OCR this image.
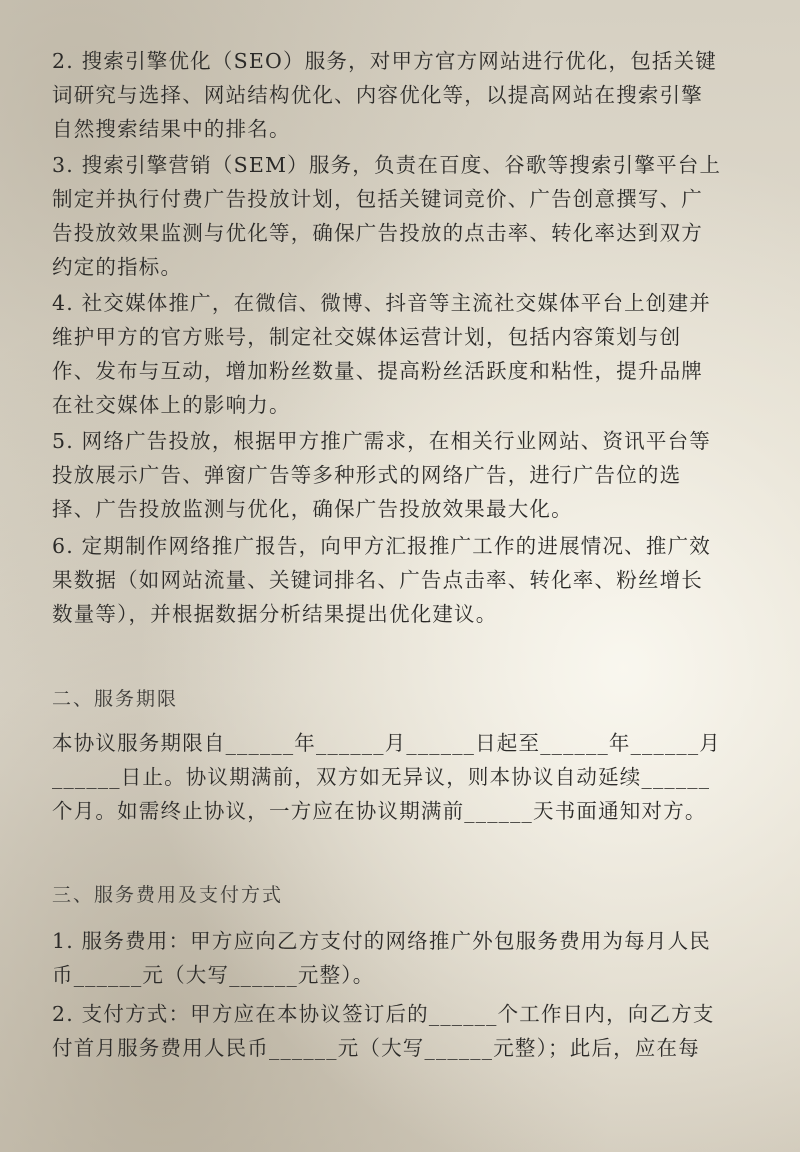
2. 搜索引擎优化（SEO）服务，对甲方官方网站进行优化，包括关键
词研究与选择、网站结构优化、内容优化等，以提高网站在搜索引擎
自然搜索结果中的排名。
3. 搜索引擎营销（SEM）服务，负责在百度、谷歌等搜索引擎平台上
制定并执行付费广告投放计划，包括关键词竞价、广告创意撰写、广
告投放效果监测与优化等，确保广告投放的点击率、转化率达到双方
约定的指标。
4. 社交媒体推广，在微信、微博、抖音等主流社交媒体平台上创建并
维护甲方的官方账号，制定社交媒体运营计划，包括内容策划与创
作、发布与互动，增加粉丝数量、提高粉丝活跃度和粘性，提升品牌
在社交媒体上的影响力。
5. 网络广告投放，根据甲方推广需求，在相关行业网站、资讯平台等
投放展示广告、弹窗广告等多种形式的网络广告，进行广告位的选
择、广告投放监测与优化，确保广告投放效果最大化。
6. 定期制作网络推广报告，向甲方汇报推广工作的进展情况、推广效
果数据（如网站流量、关键词排名、广告点击率、转化率、粉丝增长
数量等），并根据数据分析结果提出优化建议。
二、服务期限
本协议服务期限自______年______月______日起至______年______月
______日止。协议期满前，双方如无异议，则本协议自动延续______
个月。如需终止协议，一方应在协议期满前______天书面通知对方。
三、服务费用及支付方式
1. 服务费用：甲方应向乙方支付的网络推广外包服务费用为每月人民
币______元（大写______元整）。
2. 支付方式：甲方应在本协议签订后的______个工作日内，向乙方支
付首月服务费用人民币______元（大写______元整）；此后，应在每
